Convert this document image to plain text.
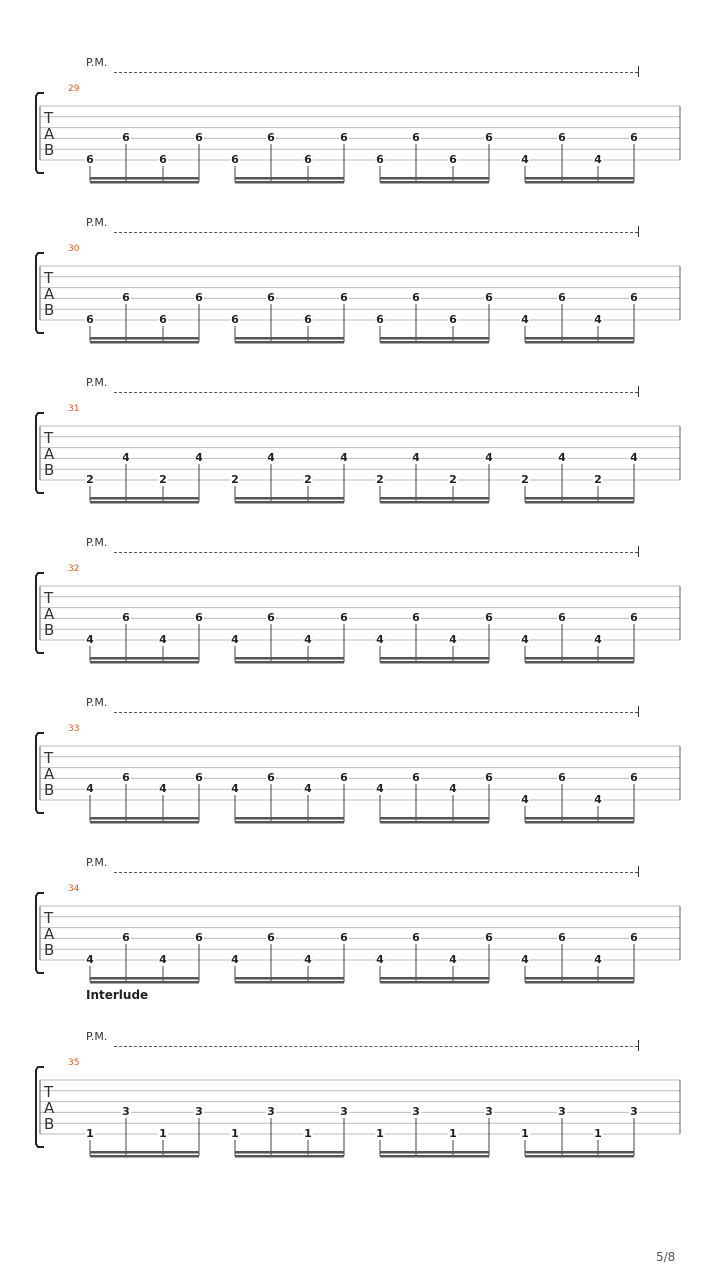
P.M.
29
T
A
B
6
6
6
6
6
6
6
6
6
6
6
6
4
6
4
6
P.M.
30
T
A
B
6
6
6
6
6
6
6
6
6
6
6
6
4
6
4
6
P.M.
31
T
A
B
2
4
2
4
2
4
2
4
2
4
2
4
2
4
2
4
P.M.
32
T
A
B
4
6
4
6
4
6
4
6
4
6
4
6
4
6
4
6
P.M.
33
T
A
B	4
6
4
6
4
6
4
6
4
6
4
6
4
6
4
6
P.M.
34
T
A
B
4
6
4
6
4
6
4
6
4
6
4
6
4
6
4
6
Interlude
P.M.
35
T
A
B
1
3
1
3
1
3
1
3
1
3
1
3
1
3
1
3
5/8
